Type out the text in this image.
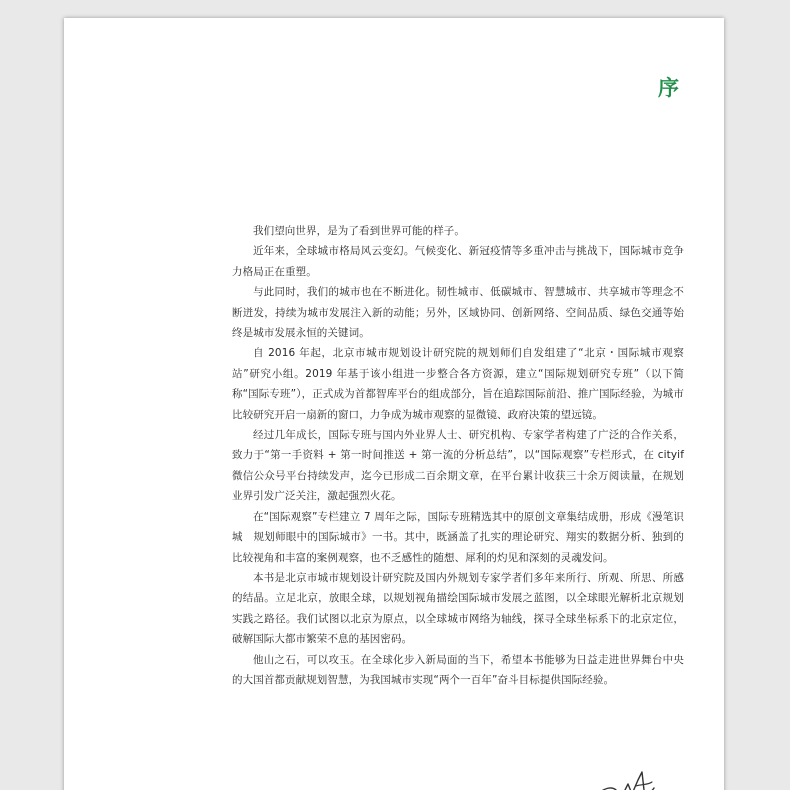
序

我们望向世界，是为了看到世界可能的样子。

近年来，全球城市格局风云变幻。气候变化、新冠疫情等多重冲击与挑战下，国际城市竞争力格局正在重塑。

与此同时，我们的城市也在不断进化。韧性城市、低碳城市、智慧城市、共享城市等理念不断迸发，持续为城市发展注入新的动能；另外，区域协同、创新网络、空间品质、绿色交通等始终是城市发展永恒的关键词。

自 2016 年起，北京市城市规划设计研究院的规划师们自发组建了“北京・国际城市观察站”研究小组。2019 年基于该小组进一步整合各方资源，建立“国际规划研究专班”（以下简称“国际专班”），正式成为首都智库平台的组成部分，旨在追踪国际前沿、推广国际经验，为城市比较研究开启一扇新的窗口，力争成为城市观察的显微镜、政府决策的望远镜。

经过几年成长，国际专班与国内外业界人士、研究机构、专家学者构建了广泛的合作关系，致力于“第一手资料 + 第一时间推送 + 第一流的分析总结”，以“国际观察”专栏形式，在 cityif 微信公众号平台持续发声，迄今已形成二百余期文章，在平台累计收获三十余万阅读量，在规划业界引发广泛关注，激起强烈火花。

在“国际观察”专栏建立 7 周年之际，国际专班精选其中的原创文章集结成册，形成《漫笔识城　规划师眼中的国际城市》一书。其中，既涵盖了扎实的理论研究、翔实的数据分析、独到的比较视角和丰富的案例观察，也不乏感性的随想、犀利的灼见和深刻的灵魂发问。

本书是北京市城市规划设计研究院及国内外规划专家学者们多年来所行、所观、所思、所感的结晶。立足北京，放眼全球，以规划视角描绘国际城市发展之蓝图，以全球眼光解析北京规划实践之路径。我们试图以北京为原点，以全球城市网络为轴线，探寻全球坐标系下的北京定位，破解国际大都市繁荣不息的基因密码。

他山之石，可以攻玉。在全球化步入新局面的当下，希望本书能够为日益走进世界舞台中央的大国首都贡献规划智慧，为我国城市实现“两个一百年”奋斗目标提供国际经验。
